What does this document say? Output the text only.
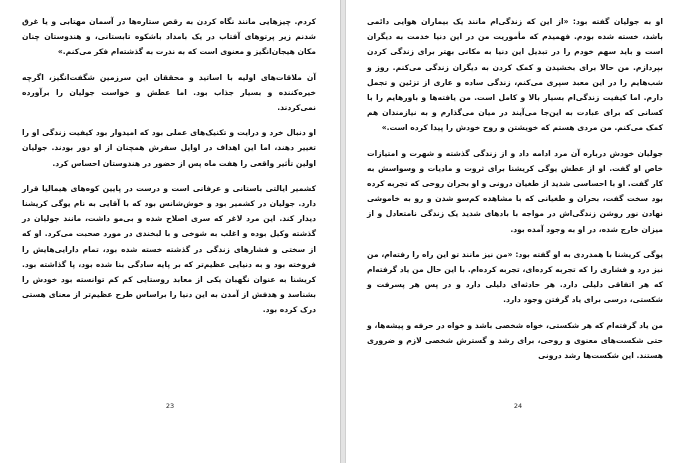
کردم. چیزهایی مانند نگاه کردن به رقص ستاره‌ها در آسمان مهتابی و یا غرق شدنم زیر پرتوهای آفتاب در یک بامداد باشکوه تابستانی، و هندوستان چنان مکان هیجان‌انگیز و معنوی است که به ندرت به گذشته‌ام فکر می‌کنم.»

آن ملاقات‌های اولیه با اساتید و محققان این سرزمین شگفت‌انگیز، اگرچه خیره‌کننده و بسیار جذاب بود. اما عطش و خواست جولیان را برآورده نمی‌کردند.

او دنبال خرد و درایت و تکنیک‌های عملی بود که امیدوار بود کیفیت زندگی او را تغییر دهند، اما این اهداف در اوایل سفرش همچنان از او دور بودند. جولیان اولین تأثیر واقعی را هفت ماه پس از حضور در هندوستان احساس کرد.

کشمیر ایالتی باستانی و عرفانی است و درست در پایین کوه‌های هیمالیا قرار دارد. جولیان در کشمیر بود و خوش‌شانس بود که با آقایی به نام یوگی کریشنا دیدار کند. این مرد لاغر که سری اصلاح شده و بی‌مو داشت، مانند جولیان در گذشته وکیل بوده و اغلب به شوخی و با لبخندی در مورد صحبت می‌کرد. او که از سختی و فشارهای زندگی در گذشته خسته شده بود، تمام دارایی‌هایش را فروخته بود و به دنیایی عظیم‌تر که بر پایه سادگی بنا شده بود، پا گذاشته بود. کریشنا به عنوان نگهبان یکی از معابد روستایی کم کم توانسته بود خودش را بشناسد و هدفش از آمدن به این دنیا را براساس طرح عظیم‌تر از معنای هستی درک کرده بود.

23

او به جولیان گفته بود: «از این که زندگی‌ام مانند یک بیماران هوایی دائمی باشد، خسته شده بودم. فهمیدم که مأموریت من در این دنیا خدمت به دیگران است و باید سهم خودم را در تبدیل این دنیا به مکانی بهتر برای زندگی کردن بپردازم. من حالا برای بخشیدن و کمک کردن به دیگران زندگی می‌کنم. روز و شب‌هایم را در این معبد سپری می‌کنم، زندگی ساده و عاری از تزئین و تجمل دارم. اما کیفیت زندگی‌ام بسیار بالا و کامل است. من یافته‌ها و باورهایم را با کسانی که برای عبادت به این‌جا می‌آیند در میان می‌گذارم و به نیازمندان هم کمک می‌کنم. من مردی هستم که خویشتن و روح خودش را پیدا کرده است.»

جولیان خودش درباره آن مرد ادامه داد و از زندگی گذشته و شهرت و امتیازات خاص او گفت. او از عطش یوگی کریشنا برای ثروت و مادیات و وسواسش به کار گفت. او با احساسی شدید از طغیان درونی و او بحران روحی که تجربه کرده بود سخت گفت، بحران و طغیانی که با مشاهده کم‌سو شدن و رو به خاموشی نهادن نور روشن زندگی‌اش در مواجه با بادهای شدید یک زندگی نامتعادل و از میزان خارج شده، در او به وجود آمده بود.

یوگی کریشنا با همدردی به او گفته بود: «من نیز مانند تو این راه را رفته‌ام، من نیز درد و فشاری را که تجربه کرده‌ای، تجربه کرده‌ام. با این حال من یاد گرفته‌ام که هر اتفاقی دلیلی دارد. هر حادثه‌ای دلیلی دارد و در پس هر پسرفت و شکستی، درسی برای یاد گرفتن وجود دارد.

من یاد گرفته‌ام که هر شکستی، خواه شخصی باشد و خواه در حرفه و پیشه‌ها، و حتی شکست‌های معنوی و روحی، برای رشد و گسترش شخصی لازم و ضروری هستند. این شکست‌ها رشد درونی

24
